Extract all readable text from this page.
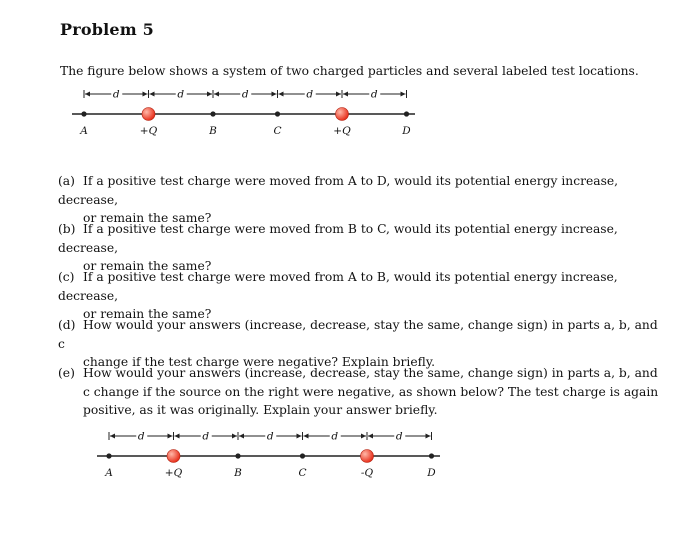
Problem 5
The figure below shows a system of two charged particles and several labeled test locations.
d	d	d	d	d
A	+Q	B	C	+Q	D
(a) If a positive test charge were moved from A to D, would its potential energy increase, decrease,
or remain the same?
(b) If a positive test charge were moved from B to C, would its potential energy increase, decrease,
or remain the same?
(c) If a positive test charge were moved from A to B, would its potential energy increase, decrease,
or remain the same?
(d) How would your answers (increase, decrease, stay the same, change sign) in parts a, b, and c
change if the test charge were negative? Explain briefly.
(e) How would your answers (increase, decrease, stay the same, change sign) in parts a, b, and
c change if the source on the right were negative, as shown below? The test charge is again
positive, as it was originally. Explain your answer briefly.
d	d	d	d	d
A	+Q	B	C	-Q	D
